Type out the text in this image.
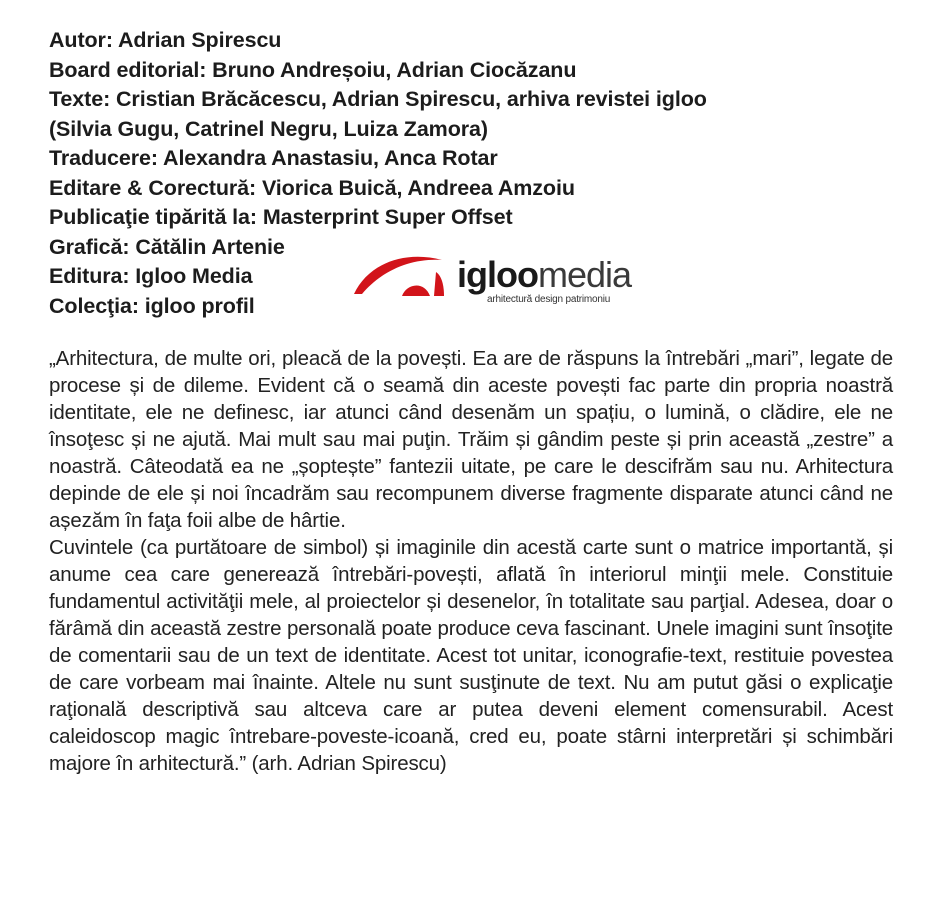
Autor: Adrian Spirescu
Board editorial: Bruno Andreșoiu, Adrian Ciocăzanu
Texte: Cristian Brăcăcescu, Adrian Spirescu, arhiva revistei igloo
(Silvia Gugu, Catrinel Negru, Luiza Zamora)
Traducere: Alexandra Anastasiu, Anca Rotar
Editare & Corectură: Viorica Buică, Andreea Amzoiu
Publicaţie tipărită la: Masterprint Super Offset
Grafică: Cătălin Artenie
Editura: Igloo Media
Colecţia: igloo profil
igloomedia
arhitectură design patrimoniu

„Arhitectura, de multe ori, pleacă de la povești. Ea are de răspuns la întrebări „mari”, legate de procese și de dileme. Evident că o seamă din aceste povești fac parte din propria noastră identitate, ele ne definesc, iar atunci când desenăm un spațiu, o lumină, o clădire, ele ne însoţesc și ne ajută. Mai mult sau mai puţin. Trăim și gândim peste și prin această „zestre” a noastră. Câteodată ea ne „șoptește” fantezii uitate, pe care le descifrăm sau nu. Arhitectura depinde de ele și noi încadrăm sau recompunem diverse fragmente disparate atunci când ne așezăm în faţa foii albe de hârtie.

Cuvintele (ca purtătoare de simbol) și imaginile din acestă carte sunt o matrice importantă, și anume cea care generează întrebări-povești, aflată în interiorul minţii mele. Constituie fundamentul activităţii mele, al proiectelor și desenelor, în totalitate sau parţial. Adesea, doar o fărâmă din această zestre personală poate produce ceva fascinant. Unele imagini sunt însoţite de comentarii sau de un text de identitate. Acest tot unitar, iconografie-text, restituie povestea de care vorbeam mai înainte. Altele nu sunt susţinute de text. Nu am putut găsi o explicaţie raţională descriptivă sau altceva care ar putea deveni element comensurabil. Acest caleidoscop magic întrebare-poveste-icoană, cred eu, poate stârni interpretări și schimbări majore în arhitectură.” (arh. Adrian Spirescu)
